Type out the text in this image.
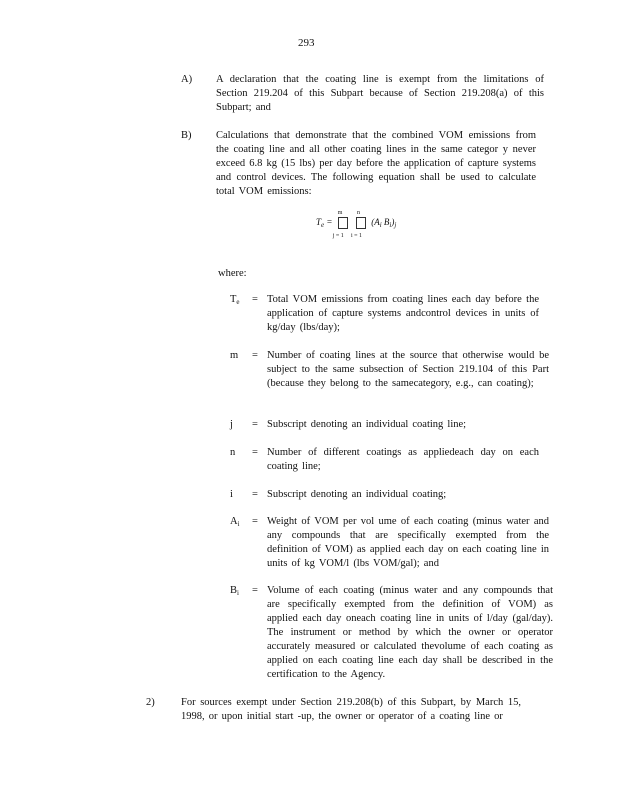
293
A)	A declaration that the coating line is exempt from the limitations of Section 219.204 of this Subpart because of Section 219.208(a) of this Subpart; and
B)	Calculations that demonstrate that the combined VOM emissions from the coating line and all other coating lines in the same categor y never exceed 6.8 kg (15 lbs) per day before the application of capture systems and control devices. The following equation shall be used to calculate total VOM emissions:
$T_e$ =
m
j = 1

n
i = 1
($A_i$ $B_i)_j$
where:
$T_e$	= Total VOM emissions from coating lines each day before the application of capture systems andcontrol devices in units of kg/day (lbs/day);
m	= Number of coating lines at the source that otherwise would be subject to the same subsection of Section 219.104 of this Part (because they belong to the samecategory, e.g., can coating);
j	= Subscript denoting an individual coating line;
n	= Number of different coatings as appliedeach day on each coating line;
i	= Subscript denoting an individual coating;
$A_i$	= Weight of VOM per vol ume of each coating (minus water and any compounds that are specifically exempted from the definition of VOM) as applied each day on each coating line in units of kg VOM/l (lbs VOM/gal); and
$B_i$	= Volume of each coating (minus water and any compounds that are specifically exempted from the definition of VOM) as applied each day oneach coating line in units of l/day (gal/day). The instrument or method by which the owner or operator accurately measured or calculated thevolume of each coating as applied on each coating line each day shall be described in the certification to the Agency.
2)	For sources exempt under Section 219.208(b) of this Subpart, by March 15, 1998, or upon initial start -up, the owner or operator of a coating line or
